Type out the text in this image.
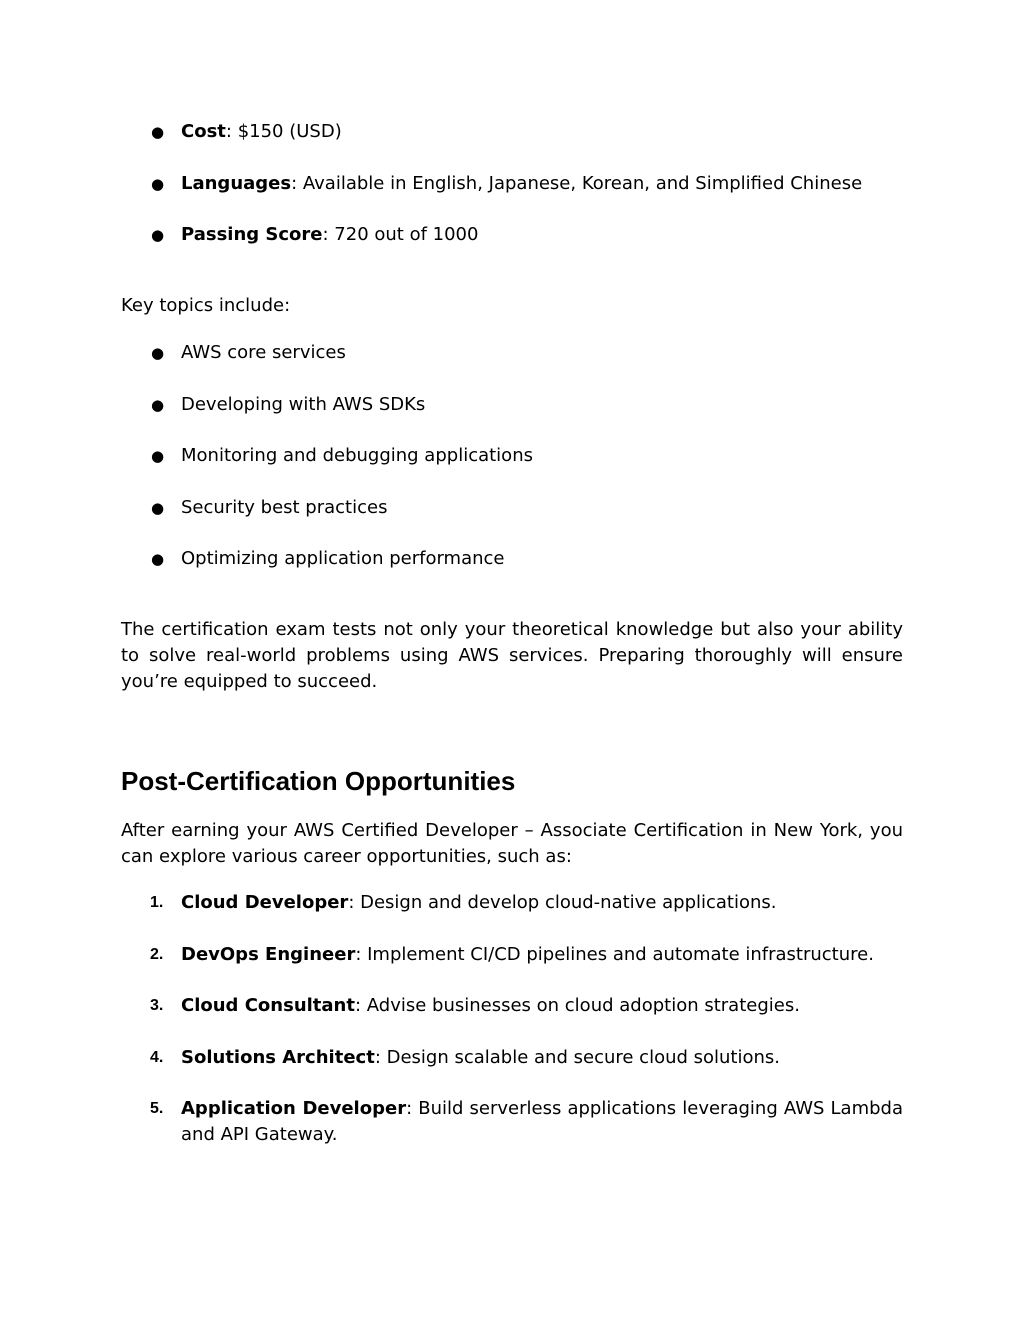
● Cost: $150 (USD)
● Languages: Available in English, Japanese, Korean, and Simplified Chinese
● Passing Score: 720 out of 1000

Key topics include:

● AWS core services
● Developing with AWS SDKs
● Monitoring and debugging applications
● Security best practices
● Optimizing application performance

The certification exam tests not only your theoretical knowledge but also your ability to solve real-world problems using AWS services. Preparing thoroughly will ensure you’re equipped to succeed.

Post-Certification Opportunities

After earning your AWS Certified Developer – Associate Certification in New York, you can explore various career opportunities, such as:

1. Cloud Developer: Design and develop cloud-native applications.
2. DevOps Engineer: Implement CI/CD pipelines and automate infrastructure.
3. Cloud Consultant: Advise businesses on cloud adoption strategies.
4. Solutions Architect: Design scalable and secure cloud solutions.
5. Application Developer: Build serverless applications leveraging AWS Lambda and API Gateway.
